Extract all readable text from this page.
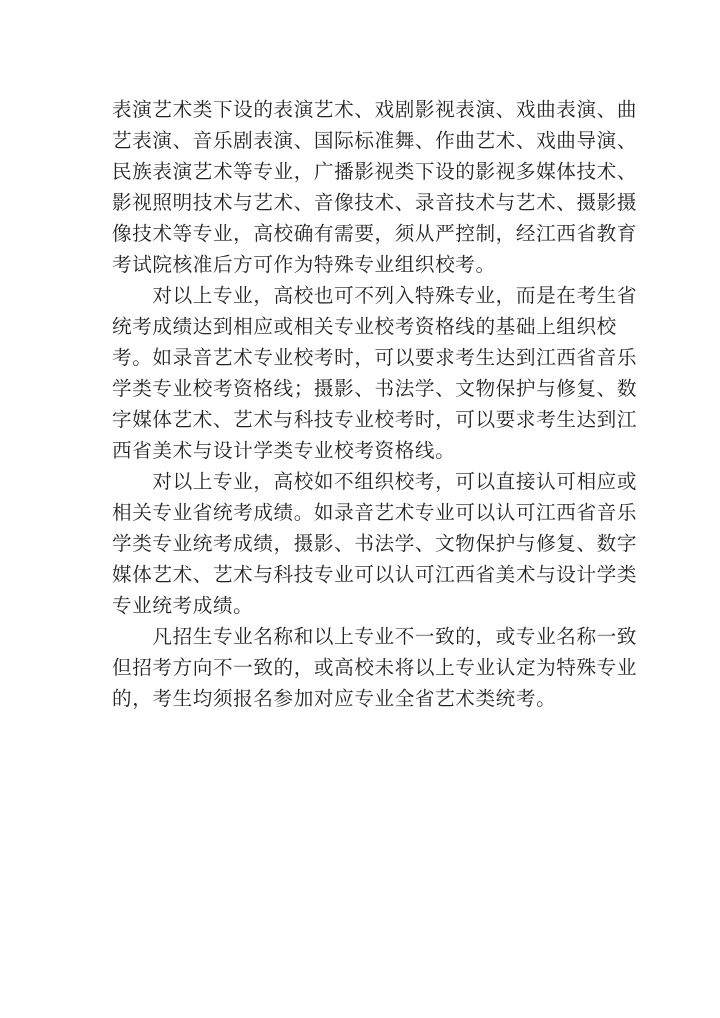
表演艺术类下设的表演艺术、戏剧影视表演、戏曲表演、曲
艺表演、音乐剧表演、国际标准舞、作曲艺术、戏曲导演、
民族表演艺术等专业，广播影视类下设的影视多媒体技术、
影视照明技术与艺术、音像技术、录音技术与艺术、摄影摄
像技术等专业，高校确有需要，须从严控制，经江西省教育
考试院核准后方可作为特殊专业组织校考。
　　对以上专业，高校也可不列入特殊专业，而是在考生省
统考成绩达到相应或相关专业校考资格线的基础上组织校
考。如录音艺术专业校考时，可以要求考生达到江西省音乐
学类专业校考资格线；摄影、书法学、文物保护与修复、数
字媒体艺术、艺术与科技专业校考时，可以要求考生达到江
西省美术与设计学类专业校考资格线。
　　对以上专业，高校如不组织校考，可以直接认可相应或
相关专业省统考成绩。如录音艺术专业可以认可江西省音乐
学类专业统考成绩，摄影、书法学、文物保护与修复、数字
媒体艺术、艺术与科技专业可以认可江西省美术与设计学类
专业统考成绩。
　　凡招生专业名称和以上专业不一致的，或专业名称一致
但招考方向不一致的，或高校未将以上专业认定为特殊专业
的，考生均须报名参加对应专业全省艺术类统考。
